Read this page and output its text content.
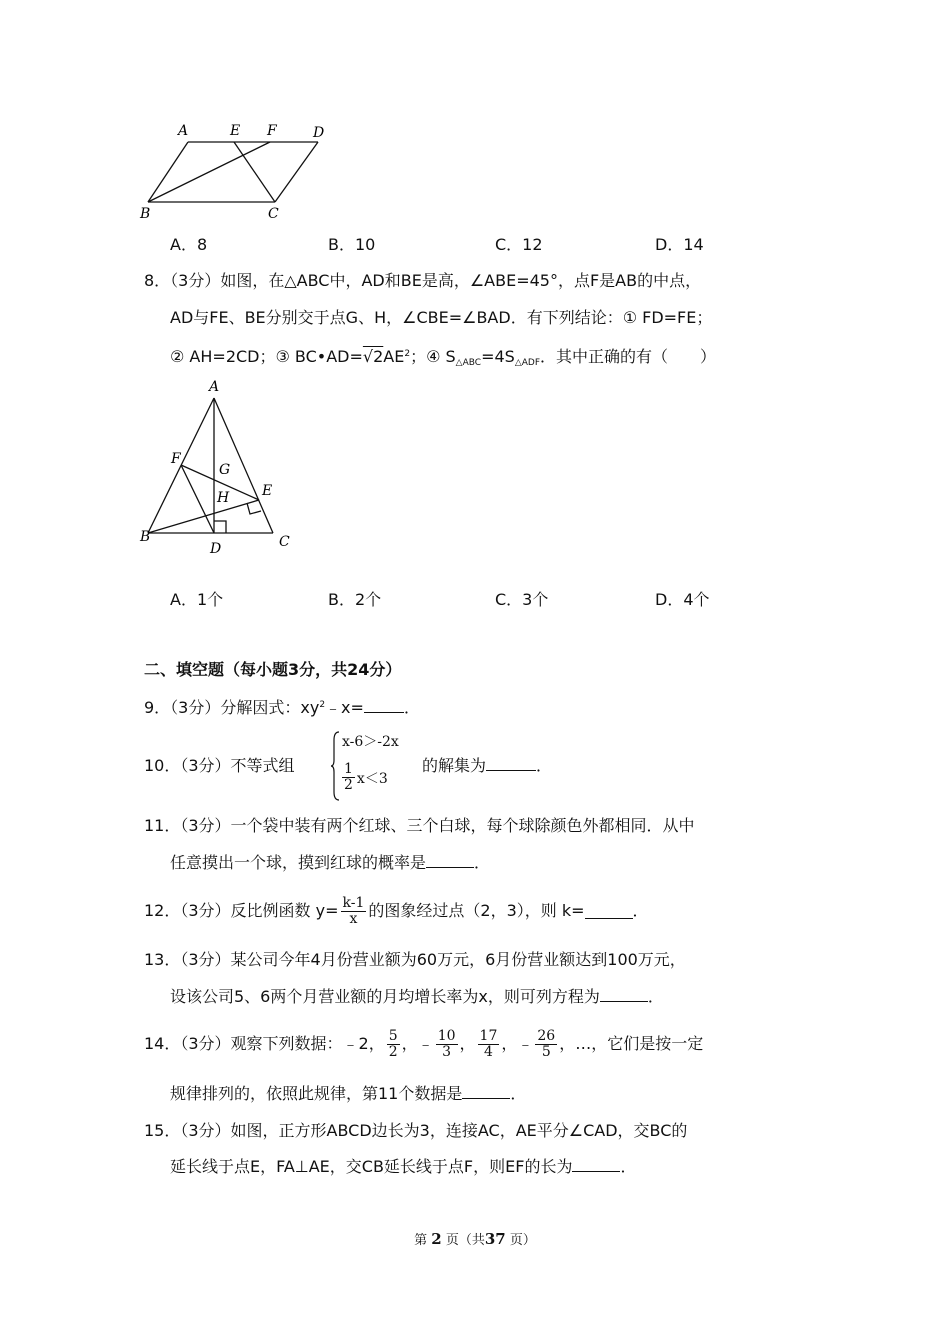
A	E F	D
B	C
A．8	B．10	C．12	D．14
8．（3分）如图，在△ABC中，AD和BE是高，∠ABE=45°，点F是AB的中点，
AD与FE、BE分别交于点G、H，∠CBE=∠BAD．有下列结论：① FD=FE；
② AH=2CD；③ $BC•AD=√2AE^2$；④ $S_{\triangle ABC}=4S_{\triangle ADF}$．其中正确的有（　　）
A
F
G
H E
B
D	C
A．1个	B．2个	C．3个	D．4个
二、填空题（每小题3分，共24分）
9．（3分）分解因式：$xy^2﹣x=$	．
10．（3分）不等式组
x-6＞-2x
$\frac{1}{2} x<3$
的解集为	．
11．（3分）一个袋中装有两个红球、三个白球，每个球除颜色外都相同．从中
任意摸出一个球，摸到红球的概率是	．
12．（3分）反比例函数 $y= \frac{k-1}{x}$ 的图象经过点（2，3），则 k=	．
13．（3分）某公司今年4月份营业额为60万元，6月份营业额达到100万元，
设该公司5、6两个月营业额的月均增长率为x，则可列方程为	．
14．（3分）观察下列数据：﹣2， $\frac{5}{2}$ ， ﹣ $\frac{10}{3}$ ， $\frac{17}{4}$ ， ﹣ $\frac{26}{5}$ ，…，它们是按一定
规律排列的，依照此规律，第11个数据是	．
15．（3分）如图，正方形ABCD边长为3，连接AC，AE平分∠CAD，交BC的
延长线于点E，FA⊥AE，交CB延长线于点F，则EF的长为	．
第 2 页（共37 页）
